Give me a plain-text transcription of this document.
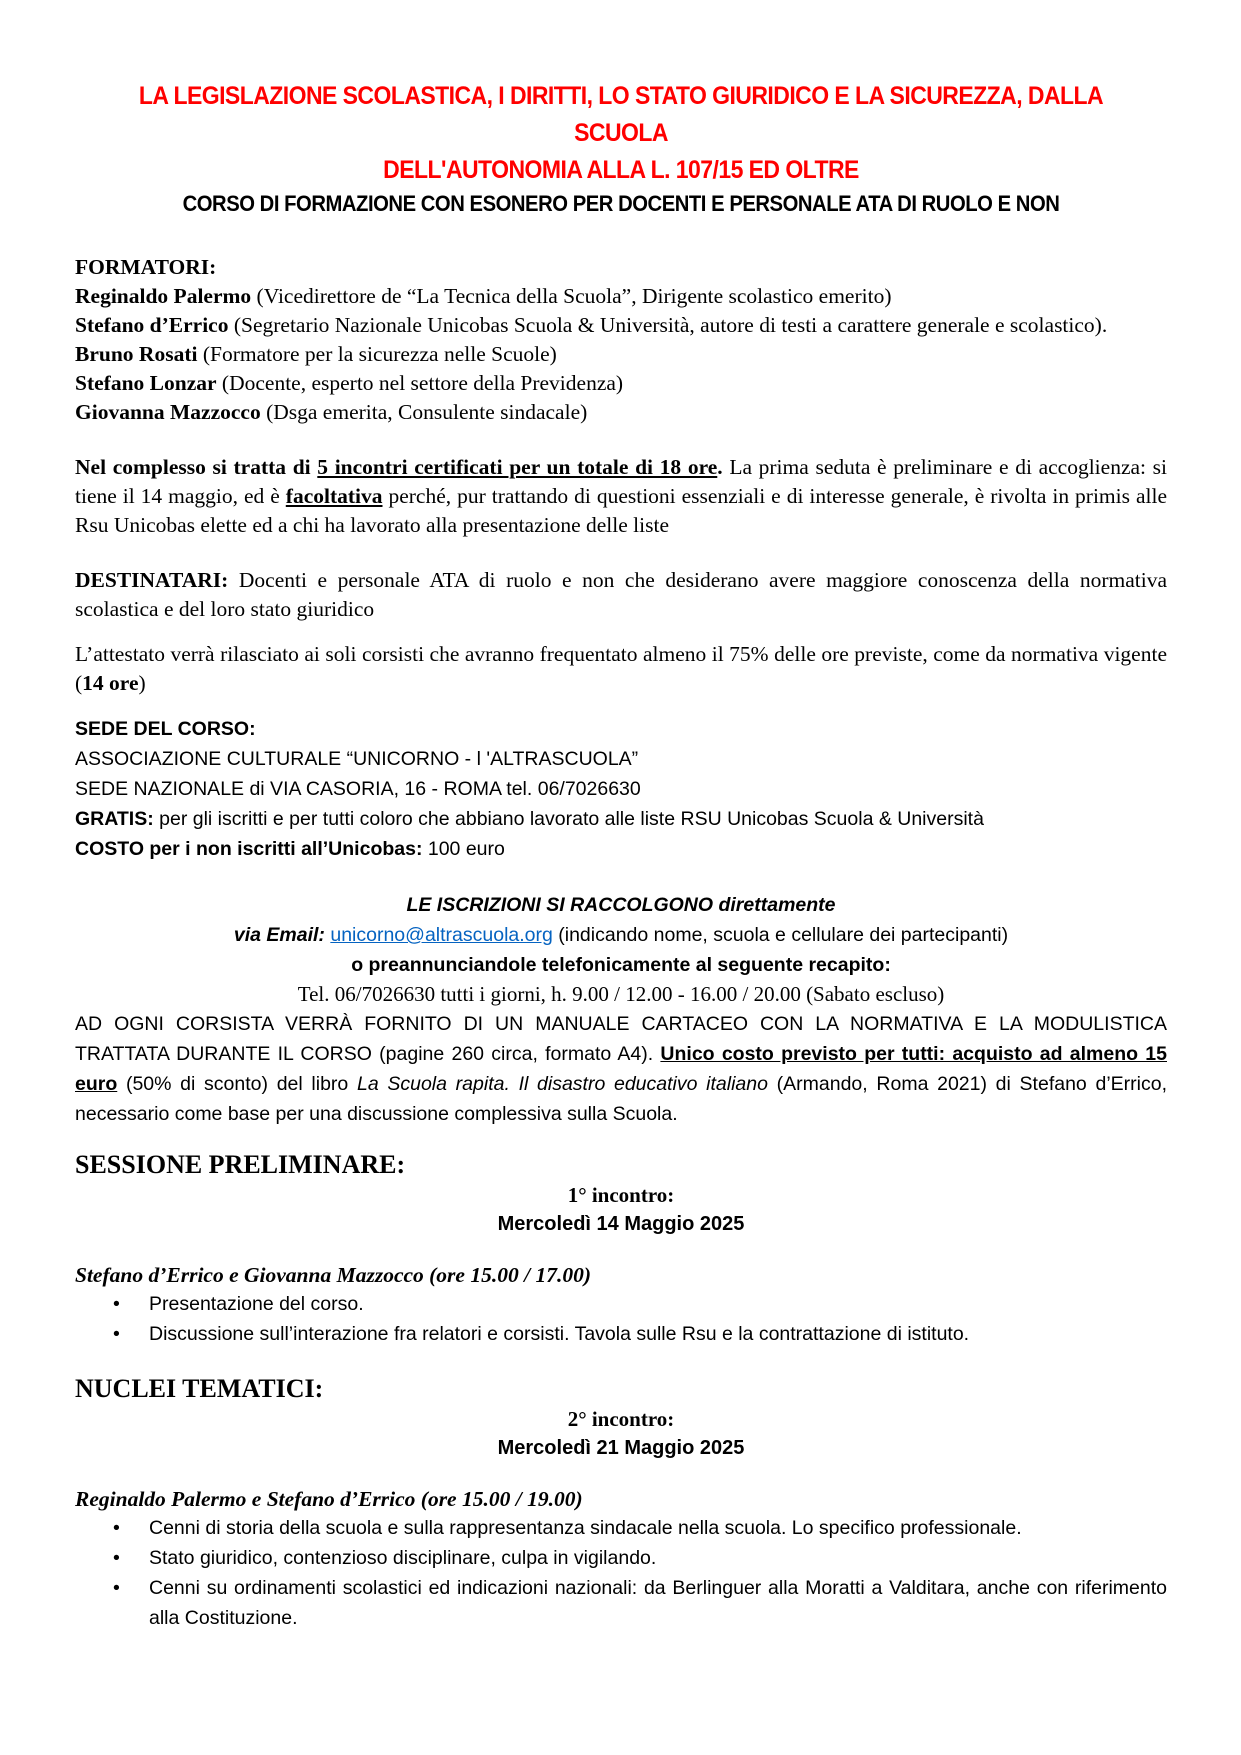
LA LEGISLAZIONE SCOLASTICA, I DIRITTI, LO STATO GIURIDICO E LA SICUREZZA, DALLA SCUOLA
DELL'AUTONOMIA ALLA L. 107/15 ED OLTRE
CORSO DI FORMAZIONE CON ESONERO PER DOCENTI E PERSONALE ATA DI RUOLO E NON
FORMATORI:
Reginaldo Palermo (Vicedirettore de “La Tecnica della Scuola”, Dirigente scolastico emerito)
Stefano d’Errico (Segretario Nazionale Unicobas Scuola & Università, autore di testi a carattere generale e scolastico).
Bruno Rosati (Formatore per la sicurezza nelle Scuole)
Stefano Lonzar (Docente, esperto nel settore della Previdenza)
Giovanna Mazzocco (Dsga emerita, Consulente sindacale)
Nel complesso si tratta di 5 incontri certificati per un totale di 18 ore. La prima seduta è preliminare e di accoglienza: si tiene il 14 maggio, ed è facoltativa perché, pur trattando di questioni essenziali e di interesse generale, è rivolta in primis alle Rsu Unicobas elette ed a chi ha lavorato alla presentazione delle liste
DESTINATARI: Docenti e personale ATA di ruolo e non che desiderano avere maggiore conoscenza della normativa scolastica e del loro stato giuridico
L’attestato verrà rilasciato ai soli corsisti che avranno frequentato almeno il 75% delle ore previste, come da normativa vigente (14 ore)
SEDE DEL CORSO:
ASSOCIAZIONE CULTURALE “UNICORNO - l 'ALTRASCUOLA”
SEDE NAZIONALE di VIA CASORIA, 16 - ROMA tel. 06/7026630
GRATIS: per gli iscritti e per tutti coloro che abbiano lavorato alle liste RSU Unicobas Scuola & Università
COSTO per i non iscritti all’Unicobas: 100 euro
LE ISCRIZIONI SI RACCOLGONO direttamente
via Email: unicorno@altrascuola.org (indicando nome, scuola e cellulare dei partecipanti)
o preannunciandole telefonicamente al seguente recapito:
Tel. 06/7026630 tutti i giorni, h. 9.00 / 12.00 - 16.00 / 20.00 (Sabato escluso)
AD OGNI CORSISTA VERRÀ FORNITO DI UN MANUALE CARTACEO CON LA NORMATIVA E LA MODULISTICA TRATTATA DURANTE IL CORSO (pagine 260 circa, formato A4). Unico costo previsto per tutti: acquisto ad almeno 15 euro (50% di sconto) del libro La Scuola rapita. Il disastro educativo italiano (Armando, Roma 2021) di Stefano d’Errico, necessario come base per una discussione complessiva sulla Scuola.
SESSIONE PRELIMINARE:
1° incontro:
Mercoledì 14 Maggio 2025
Stefano d’Errico e Giovanna Mazzocco (ore 15.00 / 17.00)
• Presentazione del corso.
• Discussione sull’interazione fra relatori e corsisti. Tavola sulle Rsu e la contrattazione di istituto.
NUCLEI TEMATICI:
2° incontro:
Mercoledì 21 Maggio 2025
Reginaldo Palermo e Stefano d’Errico (ore 15.00 / 19.00)
• Cenni di storia della scuola e sulla rappresentanza sindacale nella scuola. Lo specifico professionale.
• Stato giuridico, contenzioso disciplinare, culpa in vigilando.
• Cenni su ordinamenti scolastici ed indicazioni nazionali: da Berlinguer alla Moratti a Valditara, anche con riferimento alla Costituzione.
